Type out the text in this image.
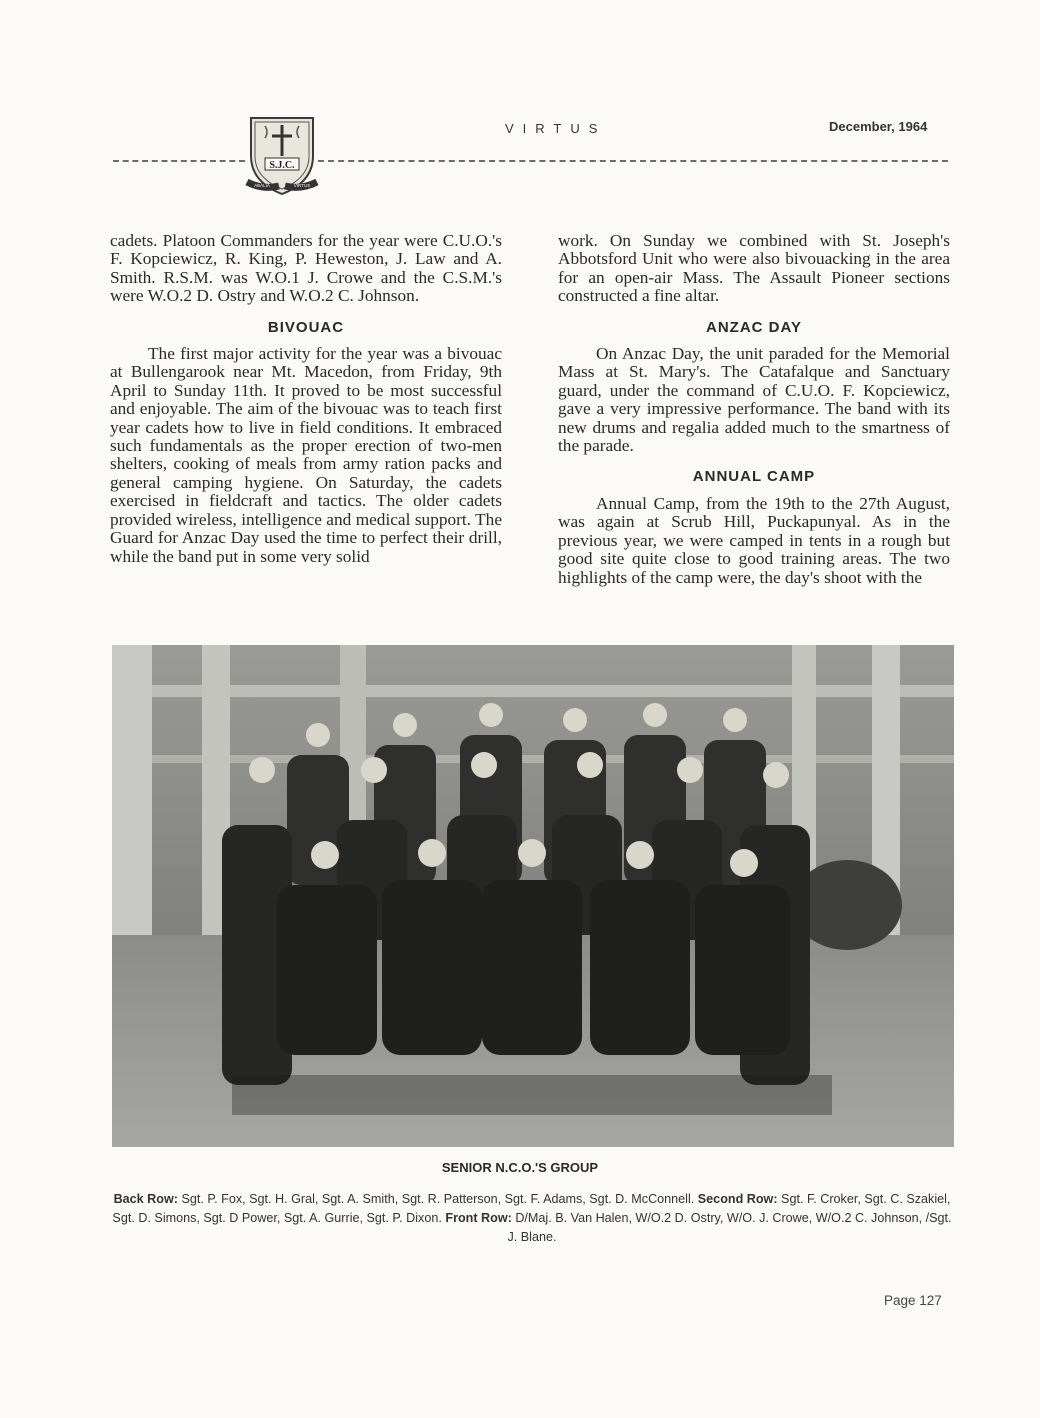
S.J.C.
ABALIA	VIRTUS
VIRTUS	December, 1964

cadets. Platoon Commanders for the year were C.U.O.'s F. Kopciewicz, R. King, P. Heweston, J. Law and A. Smith. R.S.M. was W.O.1 J. Crowe and the C.S.M.'s were W.O.2 D. Ostry and W.O.2 C. Johnson.

BIVOUAC

The first major activity for the year was a bivouac at Bullengarook near Mt. Macedon, from Friday, 9th April to Sunday 11th. It proved to be most successful and enjoyable. The aim of the bivouac was to teach first year cadets how to live in field conditions. It embraced such fundamentals as the proper erection of two-men shelters, cooking of meals from army ration packs and general camping hygiene. On Saturday, the cadets exercised in fieldcraft and tactics. The older cadets provided wireless, intelligence and medical support. The Guard for Anzac Day used the time to perfect their drill, while the band put in some very solid

work. On Sunday we combined with St. Joseph's Abbotsford Unit who were also bivouacking in the area for an open-air Mass. The Assault Pioneer sections constructed a fine altar.

ANZAC DAY

On Anzac Day, the unit paraded for the Memorial Mass at St. Mary's. The Catafalque and Sanctuary guard, under the command of C.U.O. F. Kopciewicz, gave a very impressive performance. The band with its new drums and regalia added much to the smartness of the parade.

ANNUAL CAMP

Annual Camp, from the 19th to the 27th August, was again at Scrub Hill, Puckapunyal. As in the previous year, we were camped in tents in a rough but good site quite close to good training areas. The two highlights of the camp were, the day's shoot with the

SENIOR N.C.O.'S GROUP
Back Row: Sgt. P. Fox, Sgt. H. Gral, Sgt. A. Smith, Sgt. R. Patterson, Sgt. F. Adams, Sgt. D. McConnell. Second Row: Sgt. F. Croker, Sgt. C. Szakiel, Sgt. D. Simons, Sgt. D Power, Sgt. A. Gurrie, Sgt. P. Dixon. Front Row: D/Maj. B. Van Halen, W/O.2 D. Ostry, W/O. J. Crowe, W/O.2 C. Johnson, /Sgt. J. Blane.
Page 127
